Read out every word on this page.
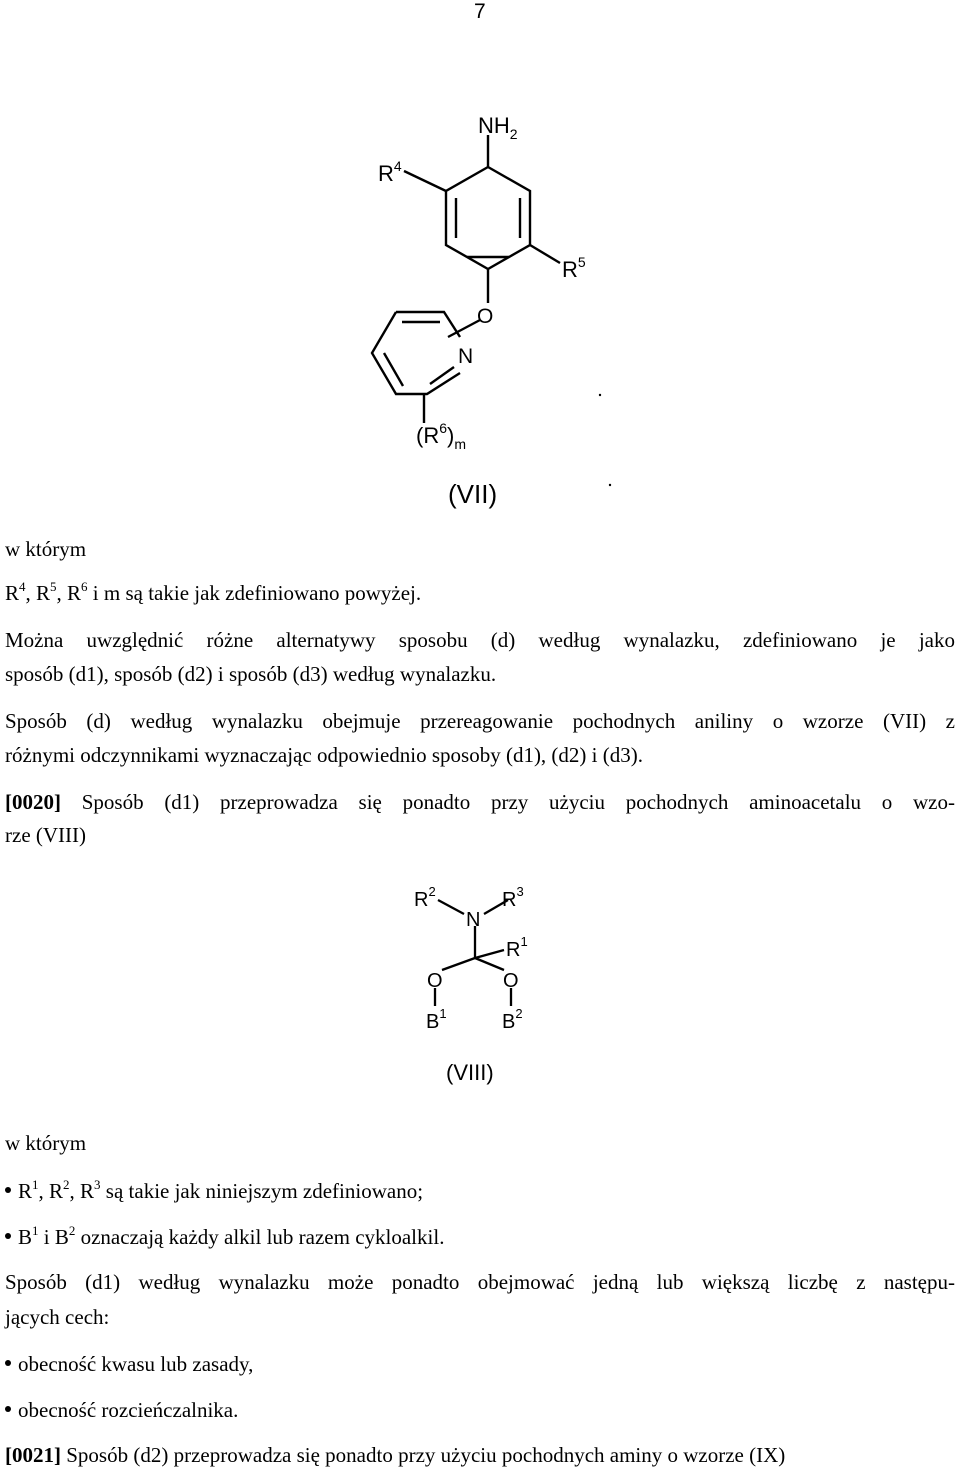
7
$NH_2$
$R^4$
$R^5$
O
N
$(R^6)_m$
(VII)
w którym
$R^4$, $R^5$, $R^6$ i m są takie jak zdefiniowano powyżej.
Można uwzględnić różne alternatywy sposobu (d) według wynalazku, zdefiniowano je jako
sposób (d1), sposób (d2) i sposób (d3) według wynalazku.
Sposób (d) według wynalazku obejmuje przereagowanie pochodnych aniliny o wzorze (VII) z
różnymi odczynnikami wyznaczając odpowiednio sposoby (d1), (d2) i (d3).
[0020] Sposób (d1) przeprowadza się ponadto przy użyciu pochodnych aminoacetalu o wzo-
rze (VIII)
$R^2$	$R^3$
N
$R^1$
O	O
$B^1$	$B^2$
(VIII)
w którym
$R^1$, $R^2$, $R^3$ są takie jak niniejszym zdefiniowano;
$B^1$ i $B^2$ oznaczają każdy alkil lub razem cykloalkil.
Sposób (d1) według wynalazku może ponadto obejmować jedną lub większą liczbę z następu-
jących cech:
obecność kwasu lub zasady,
obecność rozcieńczalnika.
[0021] Sposób (d2) przeprowadza się ponadto przy użyciu pochodnych aminy o wzorze (IX)
